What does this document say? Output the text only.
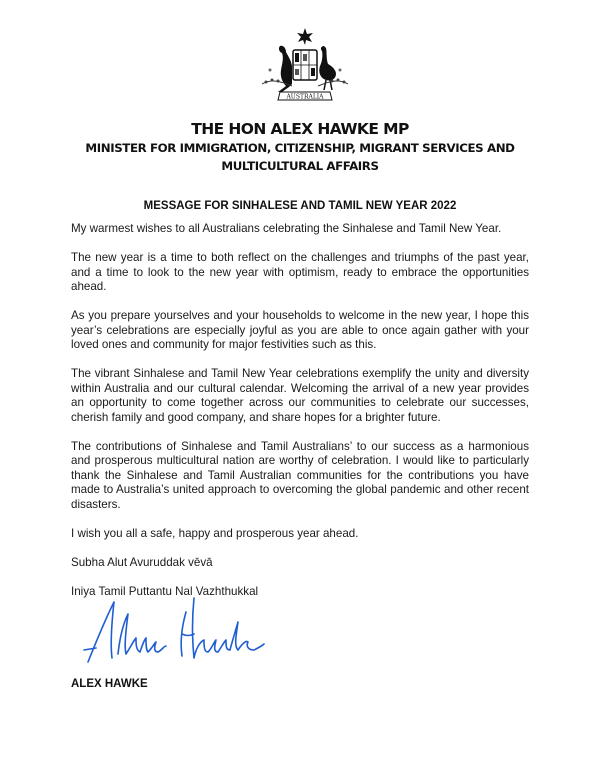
AUSTRALIA
THE HON ALEX HAWKE MP
MINISTER FOR IMMIGRATION, CITIZENSHIP, MIGRANT SERVICES AND
MULTICULTURAL AFFAIRS
MESSAGE FOR SINHALESE AND TAMIL NEW YEAR 2022

My warmest wishes to all Australians celebrating the Sinhalese and Tamil New Year.

The new year is a time to both reflect on the challenges and triumphs of the past year, and a time to look to the new year with optimism, ready to embrace the opportunities ahead.

As you prepare yourselves and your households to welcome in the new year, I hope this year’s celebrations are especially joyful as you are able to once again gather with your loved ones and community for major festivities such as this.

The vibrant Sinhalese and Tamil New Year celebrations exemplify the unity and diversity within Australia and our cultural calendar. Welcoming the arrival of a new year provides an opportunity to come together across our communities to celebrate our successes, cherish family and good company, and share hopes for a brighter future.

The contributions of Sinhalese and Tamil Australians’ to our success as a harmonious and prosperous multicultural nation are worthy of celebration. I would like to particularly thank the Sinhalese and Tamil Australian communities for the contributions you have made to Australia’s united approach to overcoming the global pandemic and other recent disasters.

I wish you all a safe, happy and prosperous year ahead.

Subha Alut Avuruddak vēvā

Iniya Tamil Puttantu Nal Vazhthukkal

ALEX HAWKE
